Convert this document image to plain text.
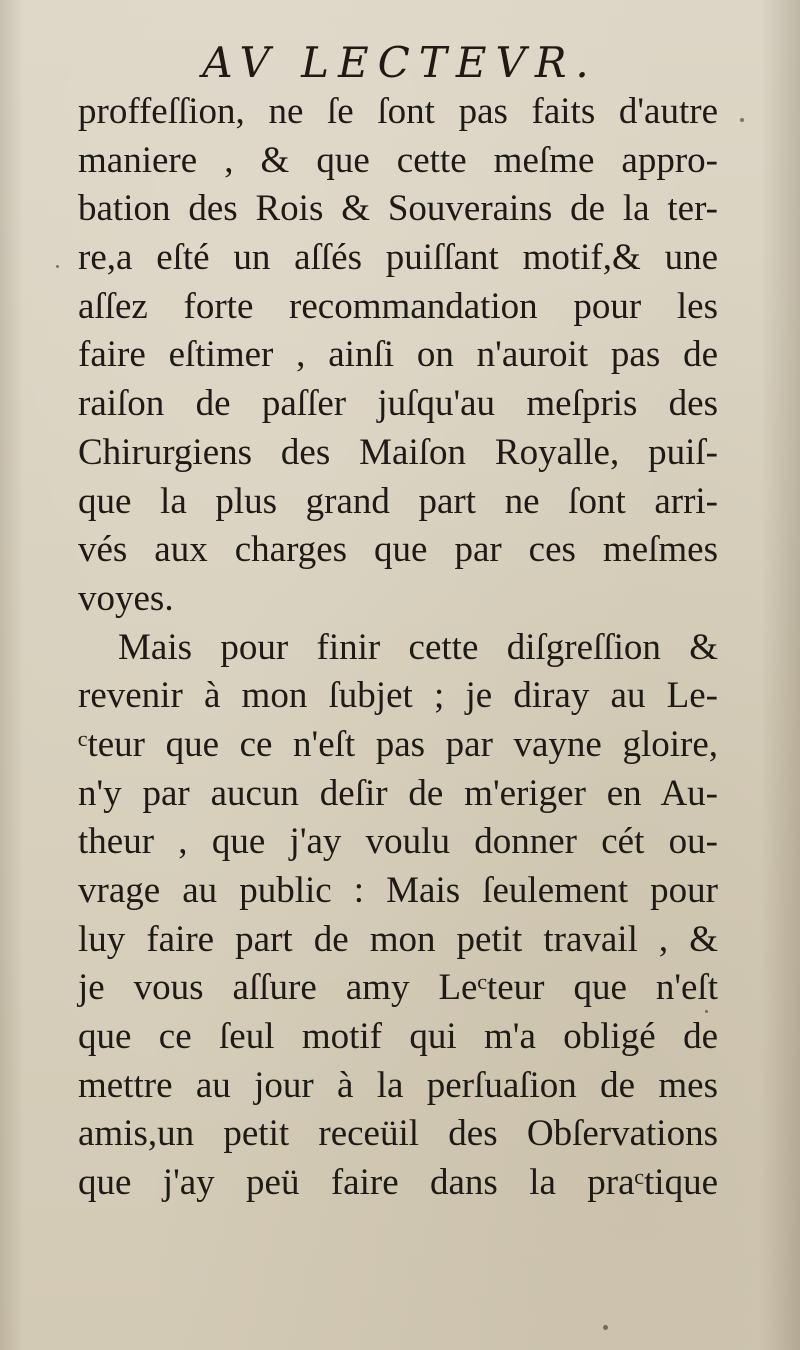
AV LECTEVR.
proffeſſion, ne ſe ſont pas faits d'autre
maniere , & que cette meſme appro-
bation des Rois & Souverains de la ter-
re,a eſté un aſſés puiſſant motif,& une
aſſez forte recommandation pour les
faire eſtimer , ainſi on n'auroit pas de
raiſon de paſſer juſqu'au meſpris des
Chirurgiens des Maiſon Royalle, puiſ-
que la plus grand part ne ſont arri-
vés aux charges que par ces meſmes
voyes.
Mais pour finir cette diſgreſſion &
revenir à mon ſubjet ; je diray au Le-
ᶜteur que ce n'eſt pas par vayne gloire,
n'y par aucun deſir de m'eriger en Au-
theur , que j'ay voulu donner cét ou-
vrage au public : Mais ſeulement pour
luy faire part de mon petit travail , &
je vous aſſure amy Leᶜteur que n'eſt
que ce ſeul motif qui m'a obligé de
mettre au jour à la perſuaſion de mes
amis,un petit receüil des Obſervations
que j'ay peü faire dans la praᶜtique
